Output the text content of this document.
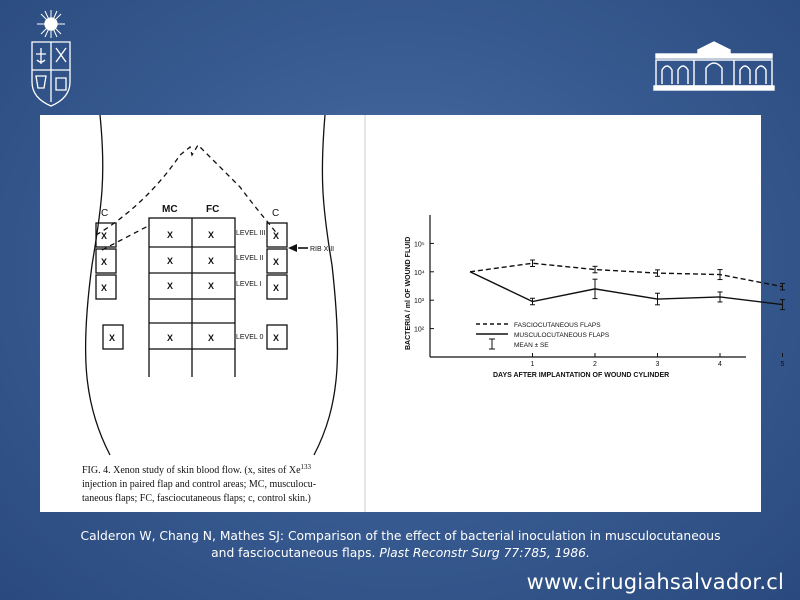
MC	FC
C	C
LEVEL III
LEVEL II
LEVEL I
LEVEL 0
RIB XIII
X
X
X
X
X	X
X	X
X	X
X	X
X
X
X
X
FIG. 4. Xenon study of skin blood flow. (x, sites of Xe$^{133}$
injection in paired flap and control areas; MC, musculocu-
taneous flaps; FC, fasciocutaneous flaps; c, control skin.)
BACTERIA / ml OF WOUND FLUID
DAYS AFTER IMPLANTATION OF WOUND CYLINDER
10²
10³
10⁴
10⁵
1	2	3	4	5
FASCIOCUTANEOUS FLAPS
MUSCULOCUTANEOUS FLAPS
MEAN ± SE
Calderon W, Chang N, Mathes SJ: Comparison of the effect of bacterial inoculation in musculocutaneous
and fasciocutaneous flaps. Plast Reconstr Surg 77:785, 1986.
www.cirugiahsalvador.cl
